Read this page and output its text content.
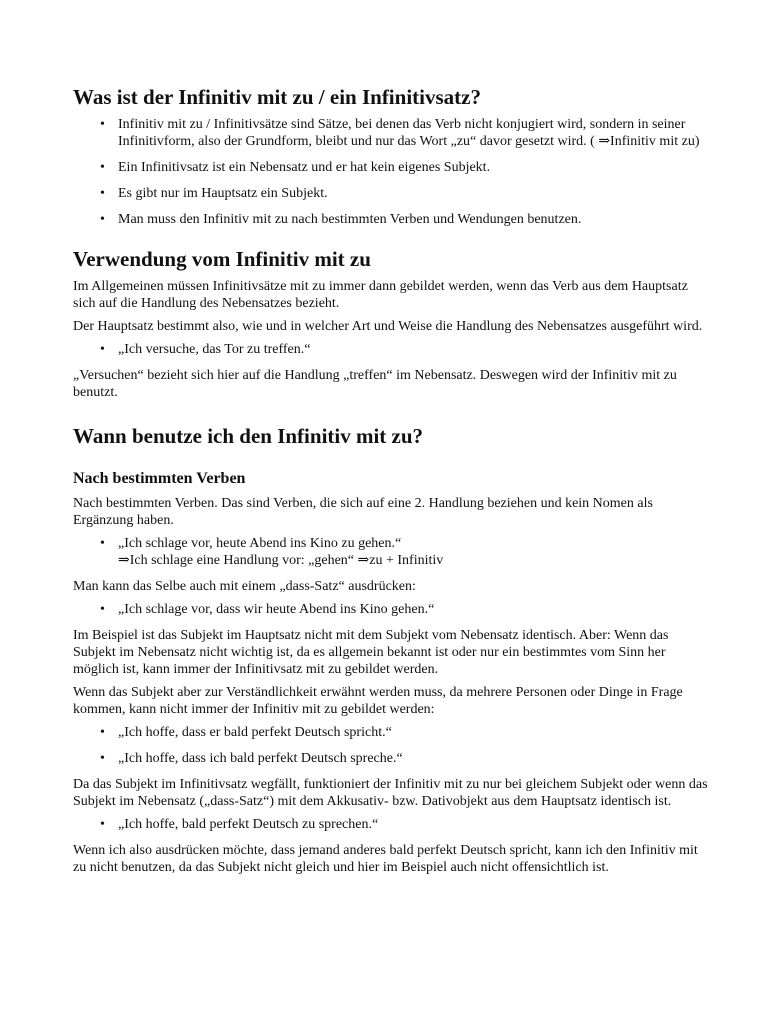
Was ist der Infinitiv mit zu / ein Infinitivsatz?
• Infinitiv mit zu / Infinitivsätze sind Sätze, bei denen das Verb nicht konjugiert wird, sondern in seiner Infinitivform, also der Grundform, bleibt und nur das Wort „zu“ davor gesetzt wird. ( ⇒Infinitiv mit zu)
• Ein Infinitivsatz ist ein Nebensatz und er hat kein eigenes Subjekt.
• Es gibt nur im Hauptsatz ein Subjekt.
• Man muss den Infinitiv mit zu nach bestimmten Verben und Wendungen benutzen.
Verwendung vom Infinitiv mit zu

Im Allgemeinen müssen Infinitivsätze mit zu immer dann gebildet werden, wenn das Verb aus dem Hauptsatz sich auf die Handlung des Nebensatzes bezieht.

Der Hauptsatz bestimmt also, wie und in welcher Art und Weise die Handlung des Nebensatzes ausgeführt wird.

• „Ich versuche, das Tor zu treffen.“

„Versuchen“ bezieht sich hier auf die Handlung „treffen“ im Nebensatz. Deswegen wird der Infinitiv mit zu benutzt.

Wann benutze ich den Infinitiv mit zu?
Nach bestimmten Verben

Nach bestimmten Verben. Das sind Verben, die sich auf eine 2. Handlung beziehen und kein Nomen als Ergänzung haben.

• „Ich schlage vor, heute Abend ins Kino zu gehen.“
⇒Ich schlage eine Handlung vor: „gehen“ ⇒zu + Infinitiv

Man kann das Selbe auch mit einem „dass-Satz“ ausdrücken:

• „Ich schlage vor, dass wir heute Abend ins Kino gehen.“

Im Beispiel ist das Subjekt im Hauptsatz nicht mit dem Subjekt vom Nebensatz identisch. Aber: Wenn das Subjekt im Nebensatz nicht wichtig ist, da es allgemein bekannt ist oder nur ein bestimmtes vom Sinn her möglich ist, kann immer der Infinitivsatz mit zu gebildet werden.

Wenn das Subjekt aber zur Verständlichkeit erwähnt werden muss, da mehrere Personen oder Dinge in Frage kommen, kann nicht immer der Infinitiv mit zu gebildet werden:

• „Ich hoffe, dass er bald perfekt Deutsch spricht.“
• „Ich hoffe, dass ich bald perfekt Deutsch spreche.“

Da das Subjekt im Infinitivsatz wegfällt, funktioniert der Infinitiv mit zu nur bei gleichem Subjekt oder wenn das Subjekt im Nebensatz („dass-Satz“) mit dem Akkusativ- bzw. Dativobjekt aus dem Hauptsatz identisch ist.

• „Ich hoffe, bald perfekt Deutsch zu sprechen.“

Wenn ich also ausdrücken möchte, dass jemand anderes bald perfekt Deutsch spricht, kann ich den Infinitiv mit zu nicht benutzen, da das Subjekt nicht gleich und hier im Beispiel auch nicht offensichtlich ist.
